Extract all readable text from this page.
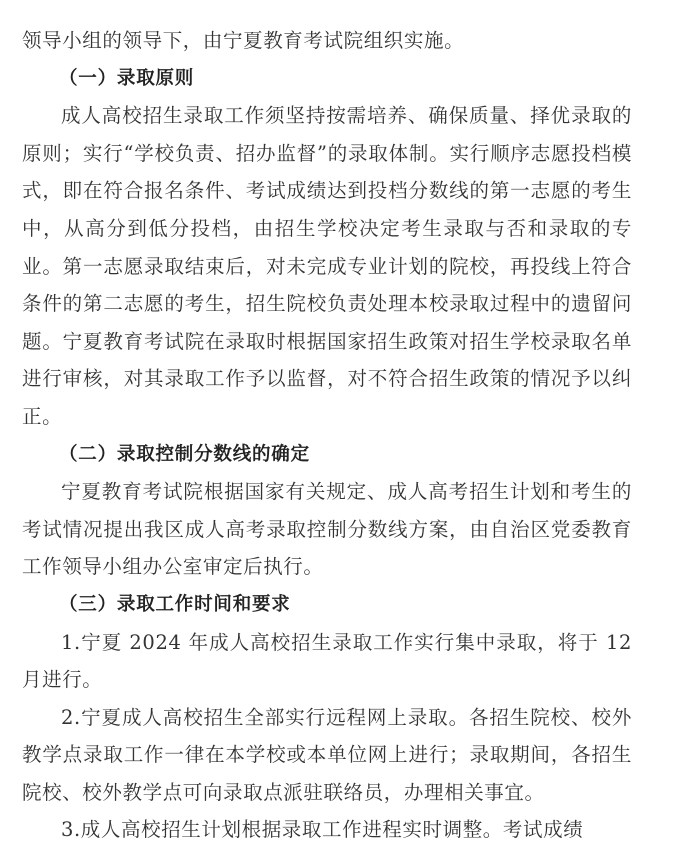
领导小组的领导下，由宁夏教育考试院组织实施。

（一）录取原则

成人高校招生录取工作须坚持按需培养、确保质量、择优录取的原则；实行“学校负责、招办监督”的录取体制。实行顺序志愿投档模式，即在符合报名条件、考试成绩达到投档分数线的第一志愿的考生中，从高分到低分投档，由招生学校决定考生录取与否和录取的专业。第一志愿录取结束后，对未完成专业计划的院校，再投线上符合条件的第二志愿的考生，招生院校负责处理本校录取过程中的遗留问题。宁夏教育考试院在录取时根据国家招生政策对招生学校录取名单进行审核，对其录取工作予以监督，对不符合招生政策的情况予以纠正。

（二）录取控制分数线的确定

宁夏教育考试院根据国家有关规定、成人高考招生计划和考生的考试情况提出我区成人高考录取控制分数线方案，由自治区党委教育工作领导小组办公室审定后执行。

（三）录取工作时间和要求

1.宁夏 2024 年成人高校招生录取工作实行集中录取，将于 12 月进行。

2.宁夏成人高校招生全部实行远程网上录取。各招生院校、校外教学点录取工作一律在本学校或本单位网上进行；录取期间，各招生院校、校外教学点可向录取点派驻联络员，办理相关事宜。

3.成人高校招生计划根据录取工作进程实时调整。考试成绩
